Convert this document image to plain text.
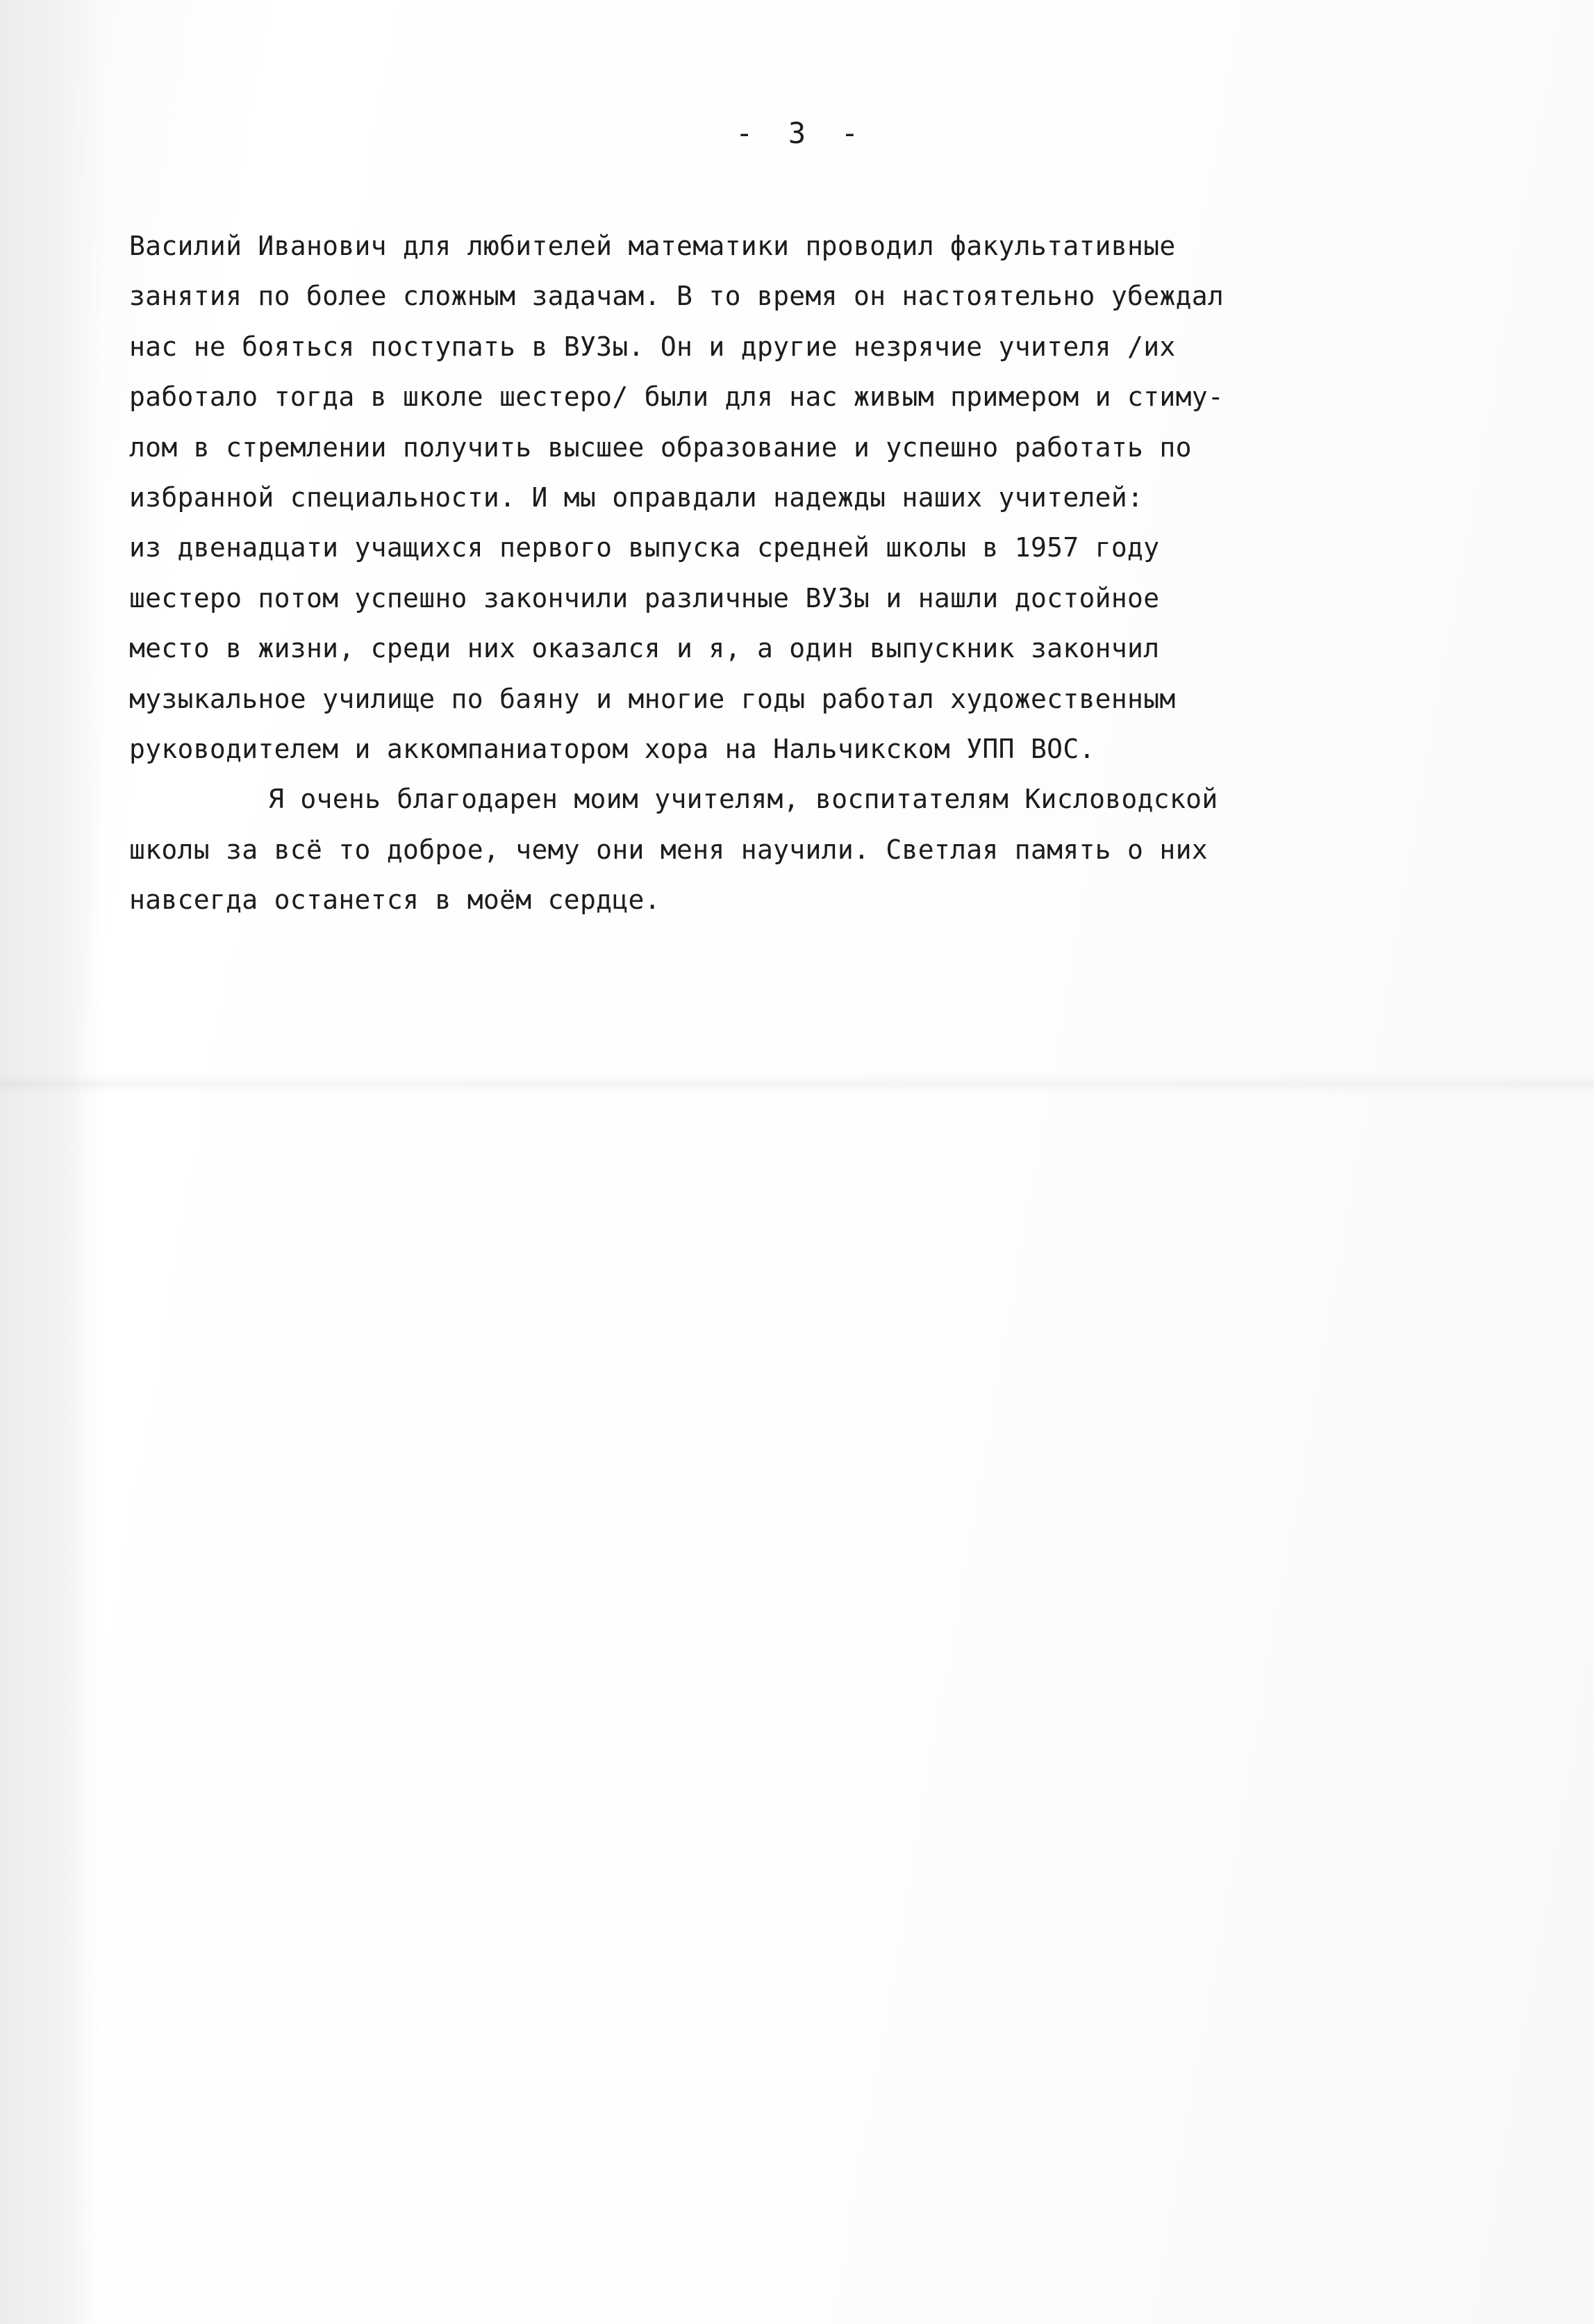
-  3  -

Василий Иванович для любителей математики проводил факультативные

занятия по более сложным задачам. В то время он настоятельно убеждал

нас не бояться поступать в ВУЗы. Он и другие незрячие учителя /их

работало тогда в школе шестеро/ были для нас живым примером и стиму-

лом в стремлении получить высшее образование и успешно работать по

избранной специальности. И мы оправдали надежды наших учителей:

из двенадцати учащихся первого выпуска средней школы в 1957 году

шестеро потом успешно закончили различные ВУЗы и нашли достойное

место в жизни, среди них оказался и я, а один выпускник закончил

музыкальное училище по баяну и многие годы работал художественным

руководителем и аккомпаниатором хора на Нальчикском УПП ВОС.

Я очень благодарен моим учителям, воспитателям Кисловодской

школы за всё то доброе, чему они меня научили. Светлая память о них

навсегда останется в моём сердце.
